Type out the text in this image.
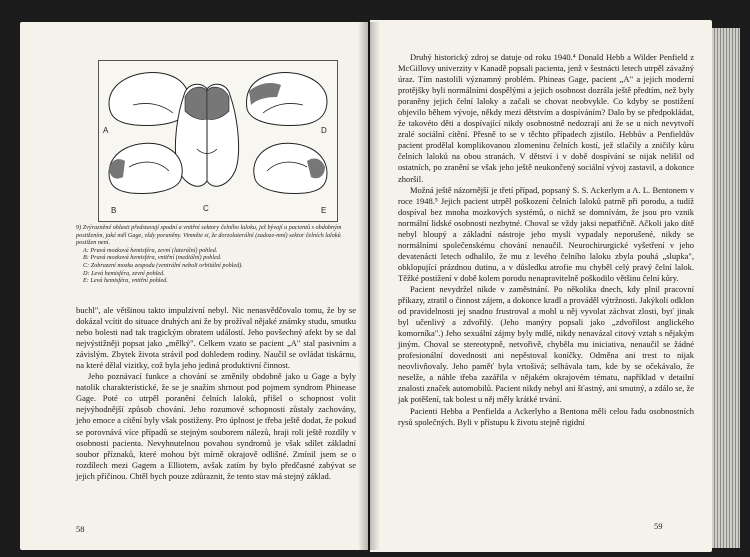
A
B	C
D
E

9) Zvýrazněné oblasti představují spodní a vnitřní sektory čelního laloku, jež bývají u pacientů s obdobným postižením, jaké měl Gage, vždy poraněny. Vimněte si, že dorzolaterální (zadoze-mní) sektor čelních laloků postižen není.

A: Pravá mozková hemisféra, zevní (laterální) pohled.

B: Pravá mozková hemisféra, vnitřní (mediální) pohled.

C: Zobrazení mozku zespodu (ventrální neboli orbitální pohled).

D: Levá hemisféra, zevní pohled.

E: Levá hemisféra, vnitřní pohled.

buchl", ale většinou takto impulzivní nebyl. Nic nenasvědčovalo tomu, že by se dokázal vcítit do situace druhých ani že by prožíval nějaké známky studu, smutku nebo bolesti nad tak tragickým obratem událostí. Jeho povšechný afekt by se dal nejvýstižněji popsat jako „mělký". Celkem vzato se pacient „A" stal pasivním a závislým. Zbytek života strávil pod dohledem rodiny. Naučil se ovládat tiskárnu, na které dělal vizitky, což byla jeho jediná produktivní činnost.

Jeho poznávací funkce a chování se změnily obdobně jako u Gage a byly natolik charakteristické, že se je snažím shrnout pod pojmem syndrom Phinease Gage. Poté co utrpěl poranění čelních laloků, přišel o schopnost volit nejvýhodnější způsob chování. Jeho rozumové schopnosti zůstaly zachovány, jeho emoce a cítění byly však postiženy. Pro úplnost je třeba ještě dodat, že pokud se porovnává více případů se stejným souborem nálezů, hraji roli ještě rozdíly v osobnosti pacienta. Nevyhnutelnou povahou syndromů je však sdílet základní soubor příznaků, které mohou být mírně okrajově odlišné. Zmínil jsem se o rozdílech mezi Gagem a Elliotem, avšak zatím by bylo předčasné zabývat se jejich příčinou. Chtěl bych pouze zdůraznit, že tento stav má stejný základ.

58

Druhý historický zdroj se datuje od roku 1940.⁴ Donald Hebb a Wilder Penfield z McGillovy univerzity v Kanadě popsali pacienta, jenž v šestnácti letech utrpěl závažný úraz. Tím nastolili významný problém. Phineas Gage, pacient „A" a jejich moderní protějšky byli normálními dospělými a jejich osobnost dozrála ještě předtím, než byly poraněny jejich čelní laloky a začali se chovat neobvykle. Co kdyby se postižení objevilo během vývoje, někdy mezi dětstvím a dospíváním? Dalo by se předpokládat, že takovéto děti a dospívající nikdy osobnostně nedozrají ani že se u nich nevytvoří zralé sociální cítění. Přesně to se v těchto případech zjistilo. Hebbův a Penfieldův pacient prodělal komplikovanou zlomeninu čelních kostí, jež stlačily a zničily kůru čelních laloků na obou stranách. V dětství i v době dospívání se nijak nelišil od ostatních, po zranění se však jeho ještě neukončený sociální vývoj zastavil, a dokonce zhoršil.

Možná ještě názornější je třetí případ, popsaný S. S. Ackerlym a A. L. Bentonem v roce 1948.⁵ Jejich pacient utrpěl poškození čelních laloků patrně při porodu, a tudíž dospíval bez mnoha mozkových systémů, o nichž se domnívám, že jsou pro vznik normální lidské osobnosti nezbytné. Choval se vždy jaksi nepatřičně. Ačkoli jako dítě nebyl hloupý a základní nástroje jeho mysli vypadaly neporušené, nikdy se normálními společenskému chování nenaučil. Neurochirurgické vyšetření v jeho devatenácti letech odhalilo, že mu z levého čelního laloku zbyla pouhá „slupka", obklopující prázdnou dutinu, a v důsledku atrofie mu chyběl celý pravý čelní lalok. Těžké postižení v době kolem porodu nenapravitelně poškodilo většinu čelní kůry.

Pacient nevydržel nikde v zaměstnání. Po několika dnech, kdy plnil pracovní příkazy, ztratil o činnost zájem, a dokonce kradl a prováděl výtržnosti. Jakýkoli odklon od pravidelnosti jej snadno frustroval a mohl u něj vyvolat záchvat zlosti, byť jinak byl učenlivý a zdvořilý. (Jeho manýry popsali jako „zdvořilost anglického komorníka".) Jeho sexuální zájmy byly mdlé, nikdy nenavázal citový vztah s nějakým jiným. Choval se stereotypně, netvořivě, chyběla mu iniciativa, nenaučil se žádné profesionální dovednosti ani nepěstoval koníčky. Odměna ani trest to nijak neovlivňovaly. Jeho paměť byla vrtošivá; selhávala tam, kde by se očekávalo, že neselže, a náhle třeba zazářila v nějakém okrajovém tématu, například v detailní znalosti značek automobilů. Pacient nikdy nebyl ani šťastný, ani smutný, a zdálo se, že jak potěšení, tak bolest u něj měly krátké trvání.

Pacienti Hebba a Penfielda a Ackerlyho a Bentona měli celou řadu osobnostních rysů společných. Byli v přístupu k životu stejně rigidní

59
